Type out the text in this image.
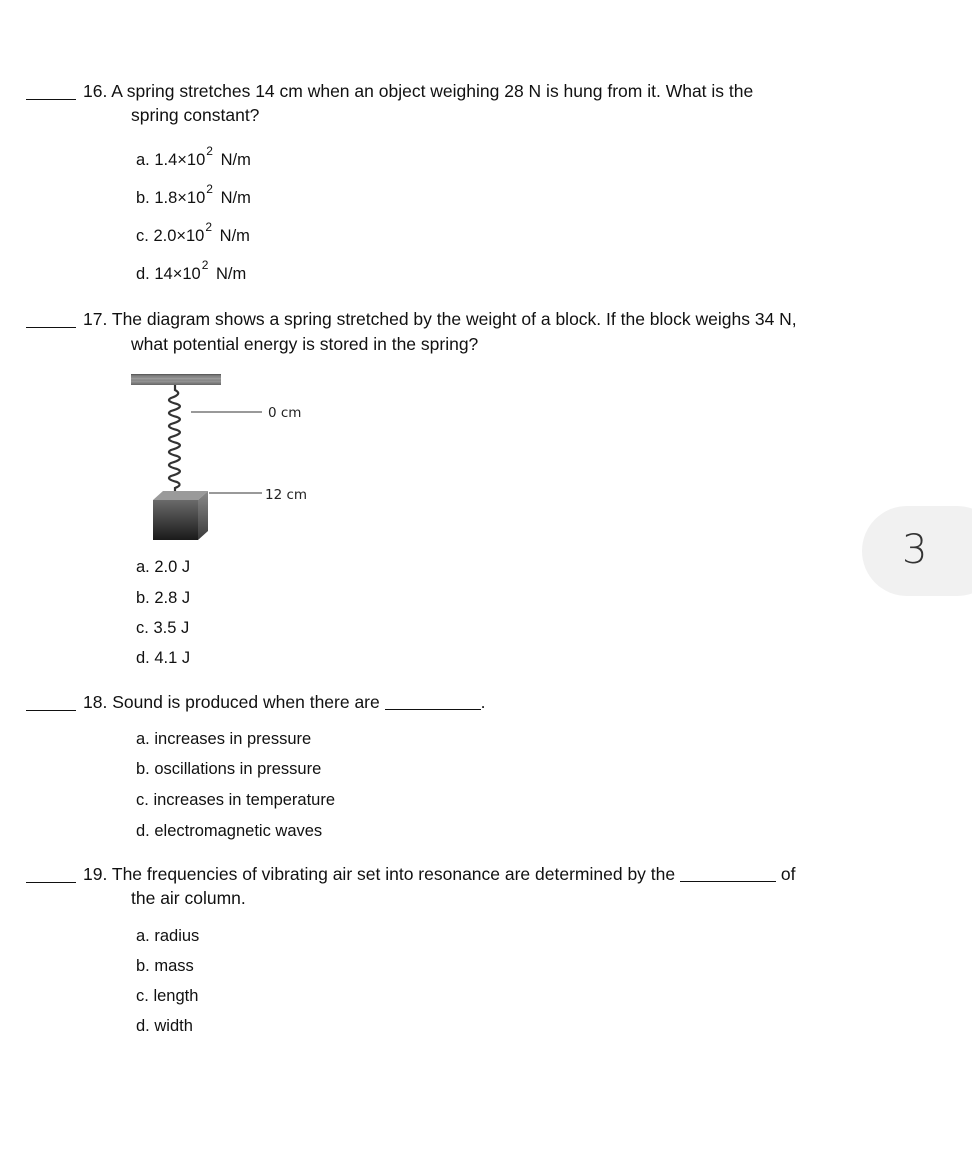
16. A spring stretches 14 cm when an object weighing 28 N is hung from it. What is the
spring constant?
a. $1.4\times 10^2$ N/m
b. $1.8\times 10^2$ N/m
c. $2.0\times 10^2$ N/m
d. $14\times 10^2$ N/m
17. The diagram shows a spring stretched by the weight of a block. If the block weighs 34 N,
what potential energy is stored in the spring?
0 cm
12 cm
a. 2.0 J
b. 2.8 J
c. 3.5 J
d. 4.1 J
3
18. Sound is produced when there are	.
a. increases in pressure
b. oscillations in pressure
c. increases in temperature
d. electromagnetic waves
19. The frequencies of vibrating air set into resonance are determined by the	of
the air column.
a. radius
b. mass
c. length
d. width
